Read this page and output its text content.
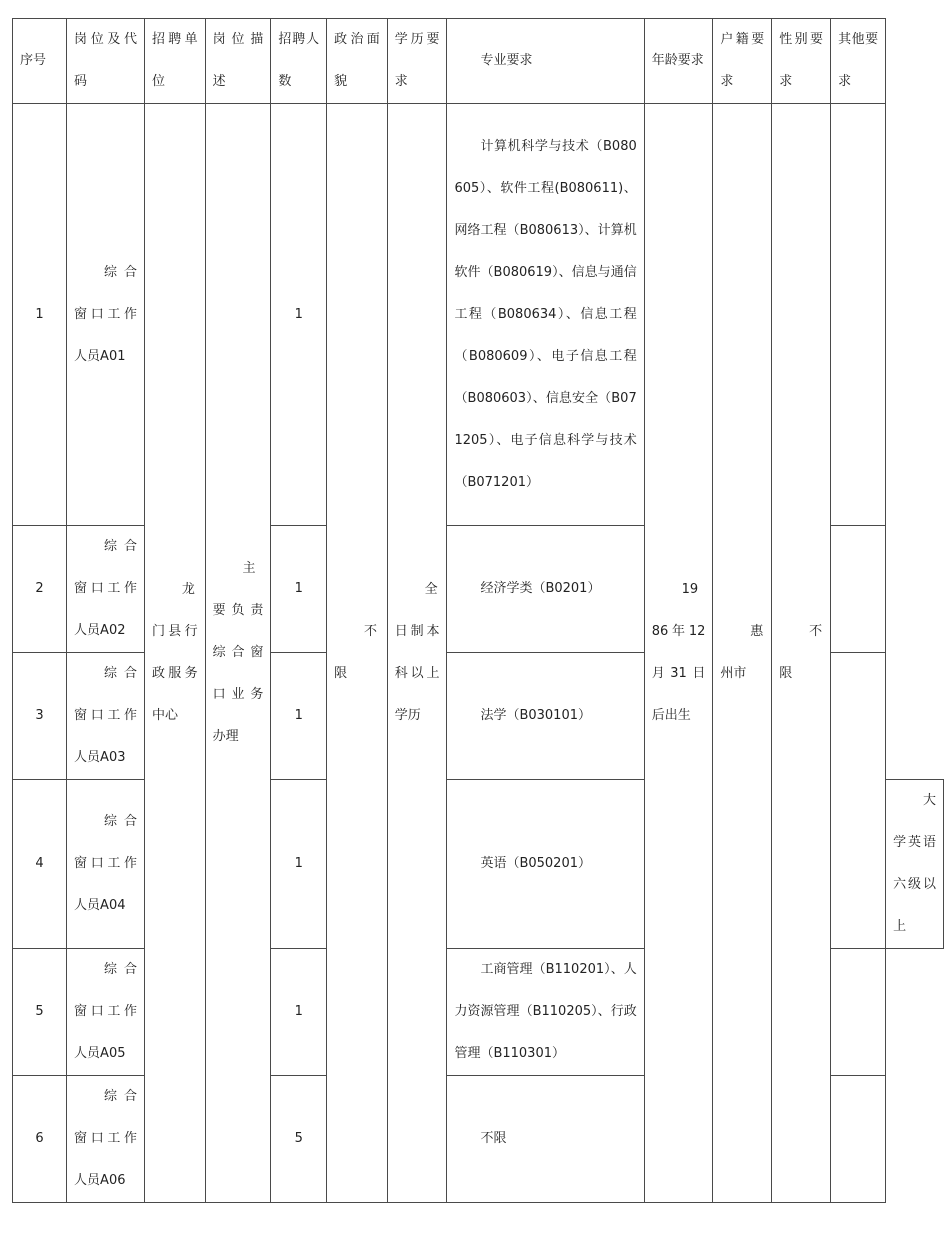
序号	岗位及代码	招聘单位	岗位描述	招聘人数	政治面貌	学历要求	专业要求	年龄要求	户籍要求	性别要求	其他要求	
1	综合窗口工作人员A01	龙门县行政服务中心	主要负责综合窗口业务办理	1	不限	全日制本科以上学历	计算机科学与技术（B080605）、软件工程(B080611)、网络工程（B080613）、计算机软件（B080619）、信息与通信工程（B080634）、信息工程（B080609）、电子信息工程（B080603）、信息安全（B071205）、电子信息科学与技术（B071201）	1986年12月31日后出生	惠州市	不限		

2	综合窗口工作人员A02			1			经济学类（B0201）					
3	综合窗口工作人员A03			1			法学（B030101）					
4	综合窗口工作人员A04			1			英语（B050201）					大学英语六级以上

5	综合窗口工作人员A05			1			工商管理（B110201）、人力资源管理（B110205）、行政管理（B110301）					
6	综合窗口工作人员A06			5			不限					
